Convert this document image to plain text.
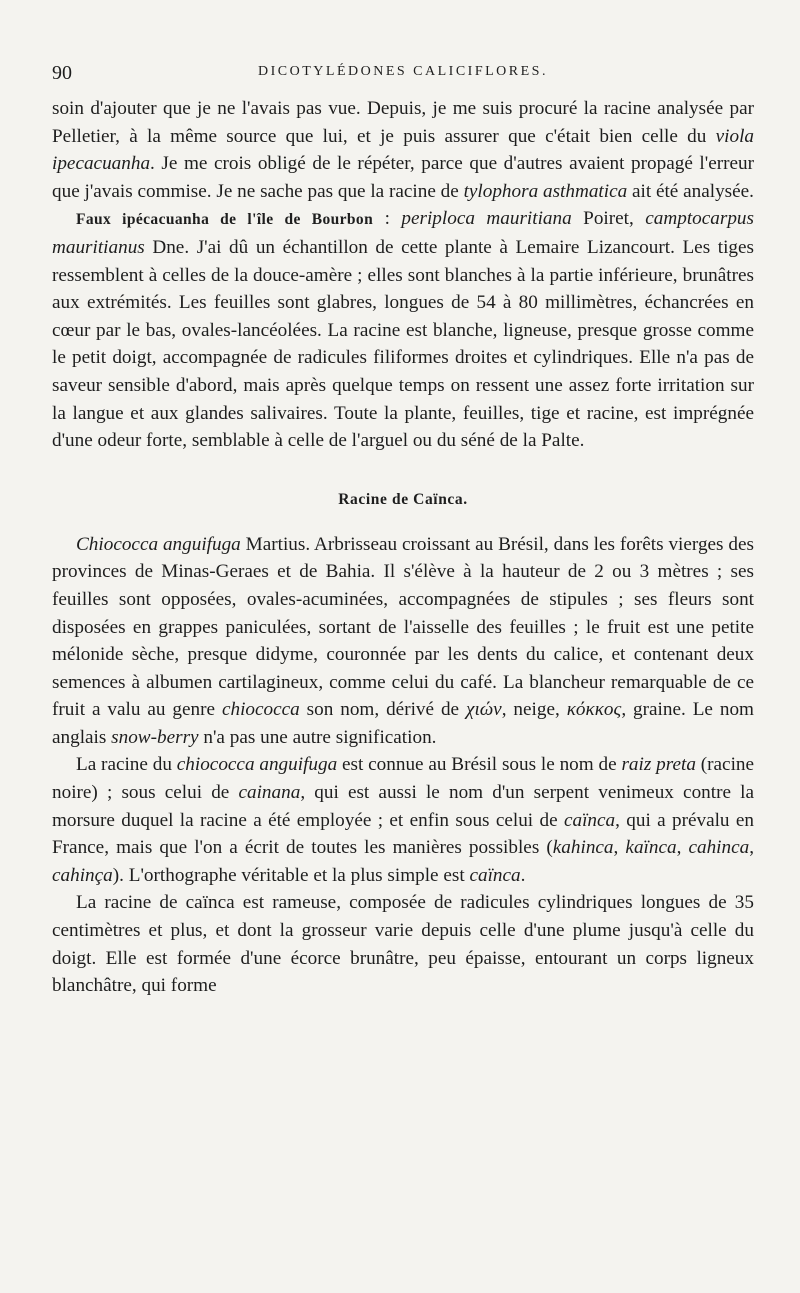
90	DICOTYLÉDONES CALICIFLORES.

soin d'ajouter que je ne l'avais pas vue. Depuis, je me suis procuré la racine analysée par Pelletier, à la même source que lui, et je puis assurer que c'était bien celle du viola ipecacuanha. Je me crois obligé de le répéter, parce que d'autres avaient propagé l'erreur que j'avais commise. Je ne sache pas que la racine de tylophora asthmatica ait été analysée.

Faux ipécacuanha de l'île de Bourbon : periploca mauritiana Poiret, camptocarpus mauritianus Dne. J'ai dû un échantillon de cette plante à Lemaire Lizancourt. Les tiges ressemblent à celles de la douce-amère ; elles sont blanches à la partie inférieure, brunâtres aux extrémités. Les feuilles sont glabres, longues de 54 à 80 millimètres, échancrées en cœur par le bas, ovales-lancéolées. La racine est blanche, ligneuse, presque grosse comme le petit doigt, accompagnée de radicules filiformes droites et cylindriques. Elle n'a pas de saveur sensible d'abord, mais après quelque temps on ressent une assez forte irritation sur la langue et aux glandes salivaires. Toute la plante, feuilles, tige et racine, est imprégnée d'une odeur forte, semblable à celle de l'arguel ou du séné de la Palte.

Racine de Caïnca.

Chiococca anguifuga Martius. Arbrisseau croissant au Brésil, dans les forêts vierges des provinces de Minas-Geraes et de Bahia. Il s'élève à la hauteur de 2 ou 3 mètres ; ses feuilles sont opposées, ovales-acuminées, accompagnées de stipules ; ses fleurs sont disposées en grappes paniculées, sortant de l'aisselle des feuilles ; le fruit est une petite mélonide sèche, presque didyme, couronnée par les dents du calice, et contenant deux semences à albumen cartilagineux, comme celui du café. La blancheur remarquable de ce fruit a valu au genre chiococca son nom, dérivé de χιών, neige, κόκκος, graine. Le nom anglais snow-berry n'a pas une autre signification.

La racine du chiococca anguifuga est connue au Brésil sous le nom de raiz preta (racine noire) ; sous celui de cainana, qui est aussi le nom d'un serpent venimeux contre la morsure duquel la racine a été employée ; et enfin sous celui de caïnca, qui a prévalu en France, mais que l'on a écrit de toutes les manières possibles (kahinca, kaïnca, cahinca, cahinça). L'orthographe véritable et la plus simple est caïnca.

La racine de caïnca est rameuse, composée de radicules cylindriques longues de 35 centimètres et plus, et dont la grosseur varie depuis celle d'une plume jusqu'à celle du doigt. Elle est formée d'une écorce brunâtre, peu épaisse, entourant un corps ligneux blanchâtre, qui forme
